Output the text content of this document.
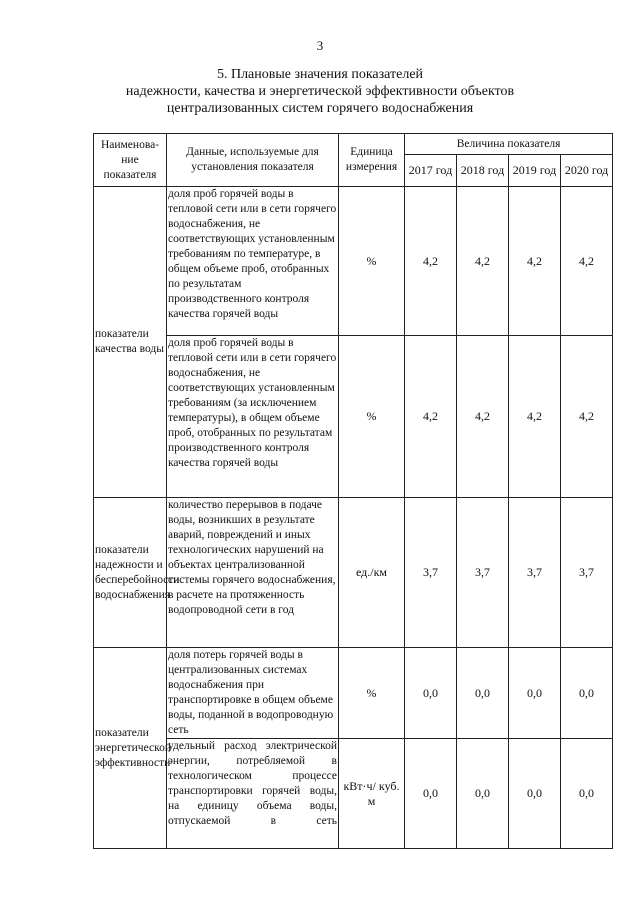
3
5. Плановые значения показателей
надежности, качества и энергетической эффективности объектов
централизованных систем горячего водоснабжения
Наименова-ние показателя	Данные, используемые для установления показателя	Единица измерения	Величина показателя			
			2017 год	2018 год	2019 год	2020 год
показатели качества воды	доля проб горячей воды в тепловой сети или в сети горячего водоснабжения, не соответствующих установленным требованиям по температуре, в общем объеме проб, отобранных по результатам производственного контроля качества горячей воды	%	4,2	4,2	4,2	4,2
	доля проб горячей воды в тепловой сети или в сети горячего водоснабжения, не соответствующих установленным требованиям (за исключением температуры), в общем объеме проб, отобранных по результатам производственного контроля качества горячей воды	%	4,2	4,2	4,2	4,2
показатели надежности и бесперебойности водоснабжения	количество перерывов в подаче воды, возникших в результате аварий, повреждений и иных технологических нарушений на объектах централизованной системы горячего водоснабжения, в расчете на протяженность водопроводной сети в год	ед./км	3,7	3,7	3,7	3,7
показатели энергетической эффективности	доля потерь горячей воды в централизованных системах водоснабжения при транспортировке в общем объеме воды, поданной в водопроводную сеть	%	0,0	0,0	0,0	0,0
	удельный расход электрической энергии, потребляемой в технологическом процессе транспортировки горячей воды, на единицу объема воды, отпускаемой в сеть	кВт·ч/ куб. м	0,0	0,0	0,0	0,0
